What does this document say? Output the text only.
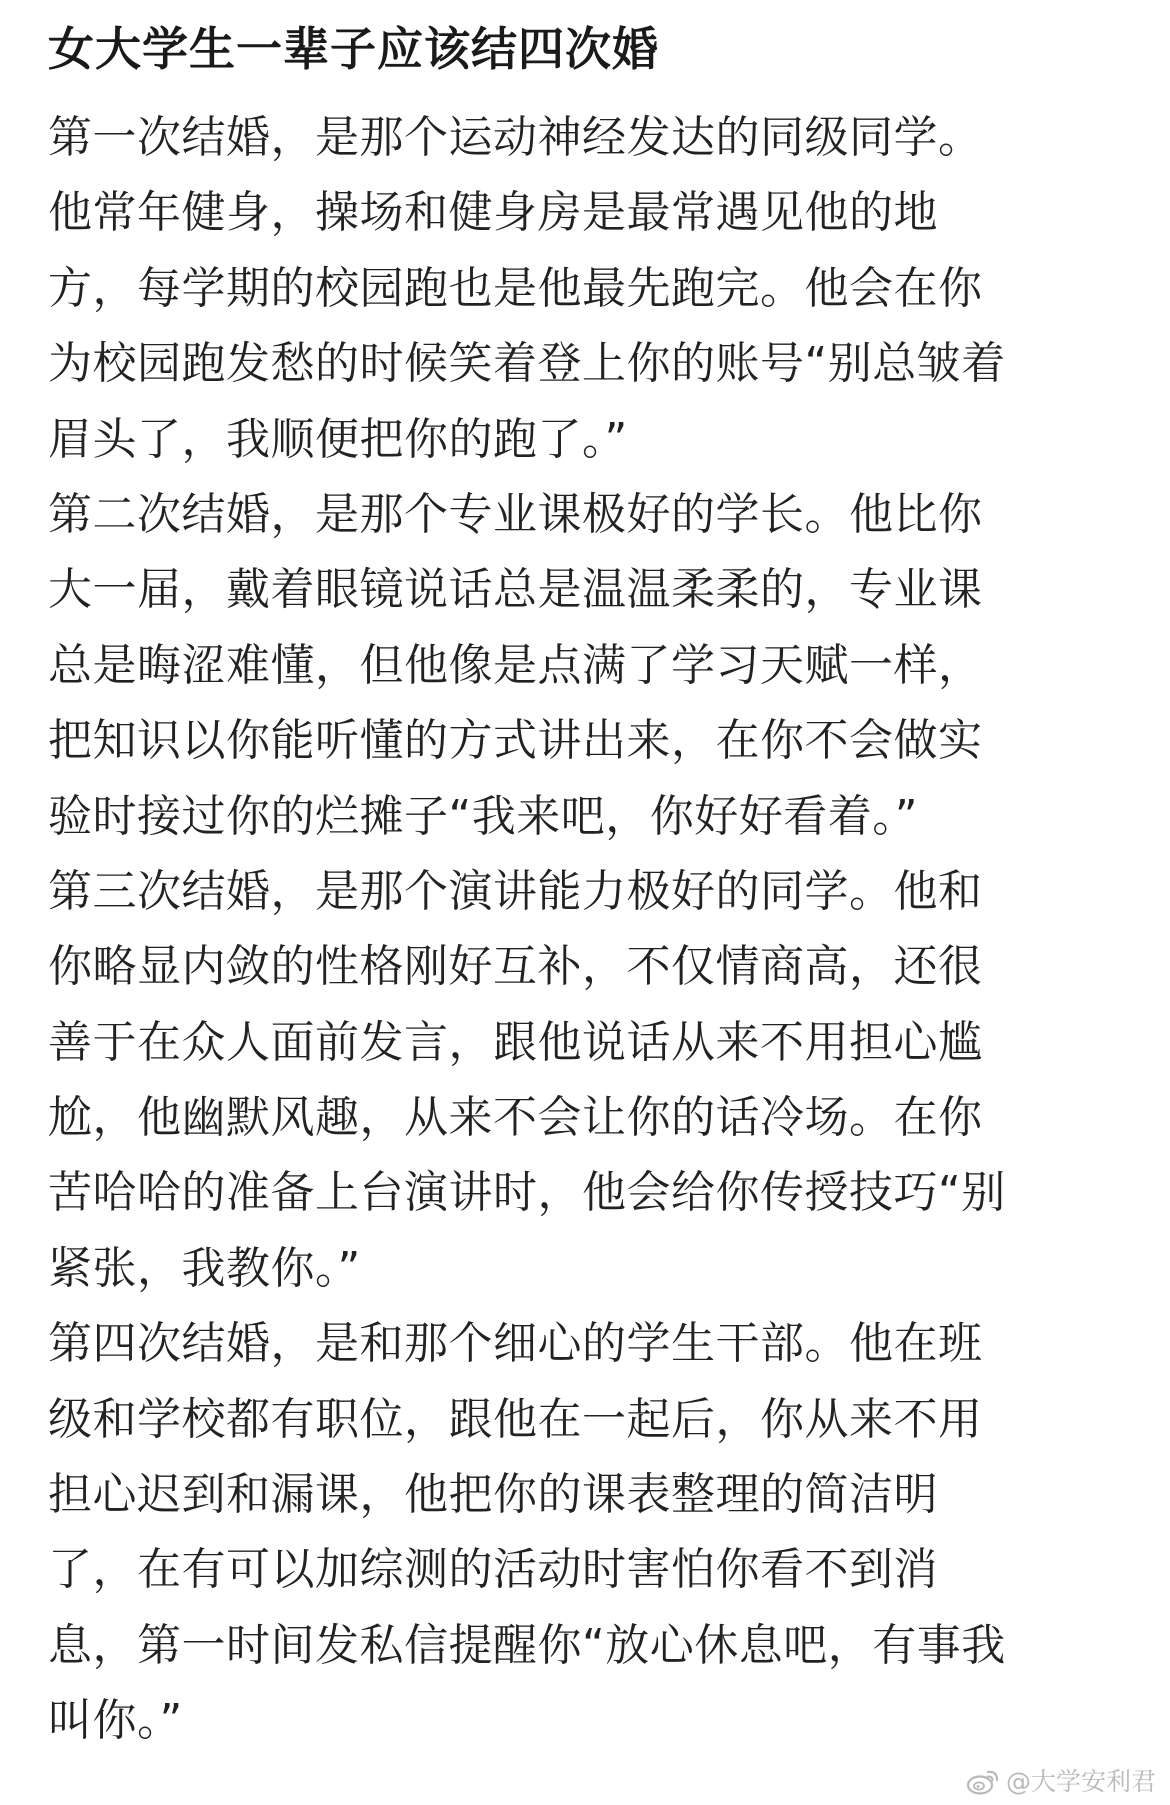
女大学生一辈子应该结四次婚
第一次结婚，是那个运动神经发达的同级同学。
他常年健身，操场和健身房是最常遇见他的地
方，每学期的校园跑也是他最先跑完。他会在你
为校园跑发愁的时候笑着登上你的账号“别总皱着
眉头了，我顺便把你的跑了。”
第二次结婚，是那个专业课极好的学长。他比你
大一届，戴着眼镜说话总是温温柔柔的，专业课
总是晦涩难懂，但他像是点满了学习天赋一样，
把知识以你能听懂的方式讲出来，在你不会做实
验时接过你的烂摊子“我来吧，你好好看着。”
第三次结婚，是那个演讲能力极好的同学。他和
你略显内敛的性格刚好互补，不仅情商高，还很
善于在众人面前发言，跟他说话从来不用担心尴
尬，他幽默风趣，从来不会让你的话冷场。在你
苦哈哈的准备上台演讲时，他会给你传授技巧“别
紧张，我教你。”
第四次结婚，是和那个细心的学生干部。他在班
级和学校都有职位，跟他在一起后，你从来不用
担心迟到和漏课，他把你的课表整理的简洁明
了，在有可以加综测的活动时害怕你看不到消
息，第一时间发私信提醒你“放心休息吧，有事我
叫你。”
@大学安利君
